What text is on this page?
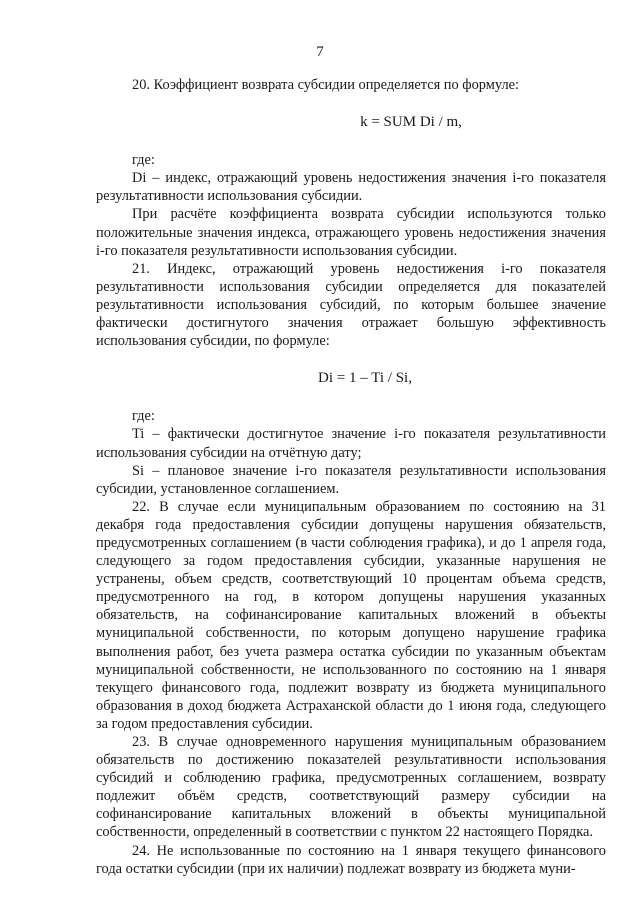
7

20. Коэффициент возврата субсидии определяется по формуле:

k = SUM Di / m,

где:

Di – индекс, отражающий уровень недостижения значения i-го показателя результативности использования субсидии.

При расчёте коэффициента возврата субсидии используются только положительные значения индекса, отражающего уровень недостижения значения i-го показателя результативности использования субсидии.

21. Индекс, отражающий уровень недостижения i-го показателя результативности использования субсидии определяется для показателей результативности использования субсидий, по которым большее значение фактически достигнутого значения отражает большую эффективность использования субсидии, по формуле:

Di = 1 – Ti / Si,

где:

Ti – фактически достигнутое значение i-го показателя результативности использования субсидии на отчётную дату;

Si – плановое значение i-го показателя результативности использования субсидии, установленное соглашением.

22. В случае если муниципальным образованием по состоянию на 31 декабря года предоставления субсидии допущены нарушения обязательств, предусмотренных соглашением (в части соблюдения графика), и до 1 апреля года, следующего за годом предоставления субсидии, указанные нарушения не устранены, объем средств, соответствующий 10 процентам объема средств, предусмотренного на год, в котором допущены нарушения указанных обязательств, на софинансирование капитальных вложений в объекты муниципальной собственности, по которым допущено нарушение графика выполнения работ, без учета размера остатка субсидии по указанным объектам муниципальной собственности, не использованного по состоянию на 1 января текущего финансового года, подлежит возврату из бюджета муниципального образования в доход бюджета Астраханской области до 1 июня года, следующего за годом предоставления субсидии.

23. В случае одновременного нарушения муниципальным образованием обязательств по достижению показателей результативности использования субсидий и соблюдению графика, предусмотренных соглашением, возврату подлежит объём средств, соответствующий размеру субсидии на софинансирование капитальных вложений в объекты муниципальной собственности, определенный в соответствии с пунктом 22 настоящего Порядка.

24. Не использованные по состоянию на 1 января текущего финансового года остатки субсидии (при их наличии) подлежат возврату из бюджета муни-
